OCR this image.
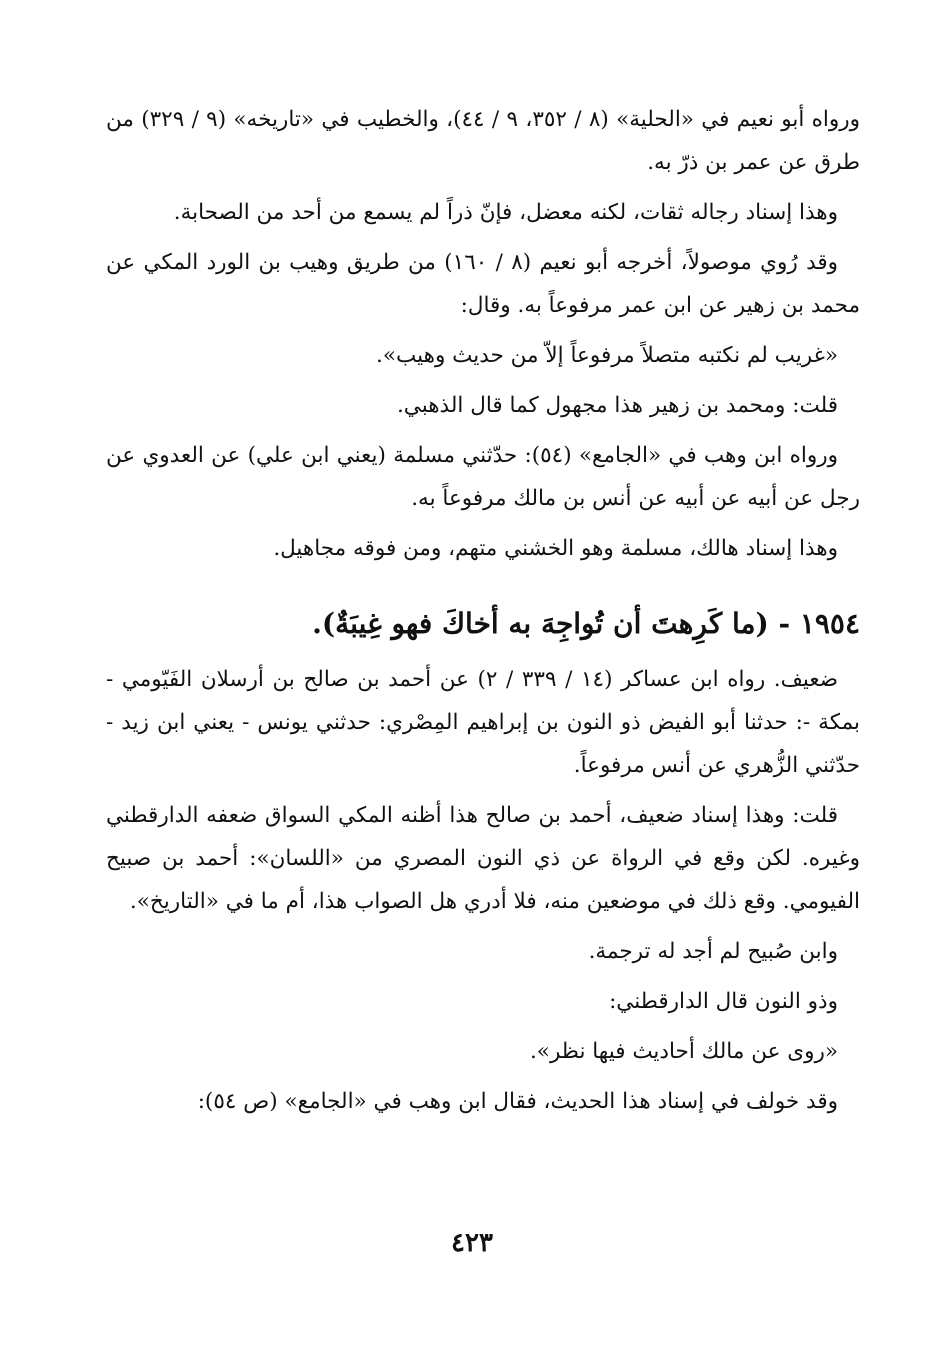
ورواه أبو نعيم في «الحلية» (٨ / ٣٥٢، ٩ / ٤٤)، والخطيب في «تاريخه» (٩ / ٣٢٩) من طرق عن عمر بن ذرّ به.

وهذا إسناد رجاله ثقات، لكنه معضل، فإنّ ذراً لم يسمع من أحد من الصحابة.

وقد رُوي موصولاً، أخرجه أبو نعيم (٨ / ١٦٠) من طريق وهيب بن الورد المكي عن محمد بن زهير عن ابن عمر مرفوعاً به. وقال:

«غريب لم نكتبه متصلاً مرفوعاً إلاّ من حديث وهيب».

قلت: ومحمد بن زهير هذا مجهول كما قال الذهبي.

ورواه ابن وهب في «الجامع» (٥٤): حدّثني مسلمة (يعني ابن علي) عن العدوي عن رجل عن أبيه عن أبيه عن أنس بن مالك مرفوعاً به.

وهذا إسناد هالك، مسلمة وهو الخشني متهم، ومن فوقه مجاهيل.

١٩٥٤ - (ما كَرِهتَ أن تُواجِهَ به أخاكَ فهو غِيبَةٌ).

ضعيف. رواه ابن عساكر (١٤ / ٣٣٩ / ٢) عن أحمد بن صالح بن أرسلان الفَيّومي - بمكة -: حدثنا أبو الفيض ذو النون بن إبراهيم المِصْري: حدثني يونس - يعني ابن زيد - حدّثني الزُّهري عن أنس مرفوعاً.

قلت: وهذا إسناد ضعيف، أحمد بن صالح هذا أظنه المكي السواق ضعفه الدارقطني وغيره. لكن وقع في الرواة عن ذي النون المصري من «اللسان»: أحمد بن صبيح الفيومي. وقع ذلك في موضعين منه، فلا أدري هل الصواب هذا، أم ما في «التاريخ».

وابن صُبيح لم أجد له ترجمة.

وذو النون قال الدارقطني:

«روى عن مالك أحاديث فيها نظر».

وقد خولف في إسناد هذا الحديث، فقال ابن وهب في «الجامع» (ص ٥٤):

٤٢٣
